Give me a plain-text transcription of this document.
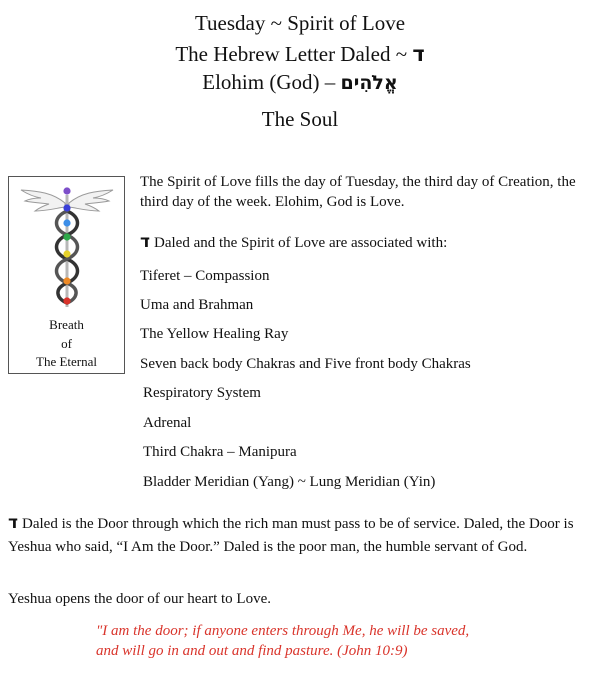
Tuesday ~ Spirit of Love
The Hebrew Letter Daled ~ ד
Elohim (God) – אֱלֹהִים
The Soul
Breath
of
The Eternal
The Spirit of Love fills the day of Tuesday, the third day of Creation, the third day of the week. Elohim, God is Love.
ד Daled and the Spirit of Love are associated with:
Tiferet – Compassion
Uma and Brahman
The Yellow Healing Ray
Seven back body Chakras and Five front body Chakras
Respiratory System
Adrenal
Third Chakra – Manipura
Bladder Meridian (Yang) ~ Lung Meridian (Yin)
ד Daled is the Door through which the rich man must pass to be of service. Daled, the Door is Yeshua who said, “I Am the Door.” Daled is the poor man, the humble servant of God.
Yeshua opens the door of our heart to Love.
"I am the door; if anyone enters through Me, he will be saved,
and will go in and out and find pasture. (John 10:9)
